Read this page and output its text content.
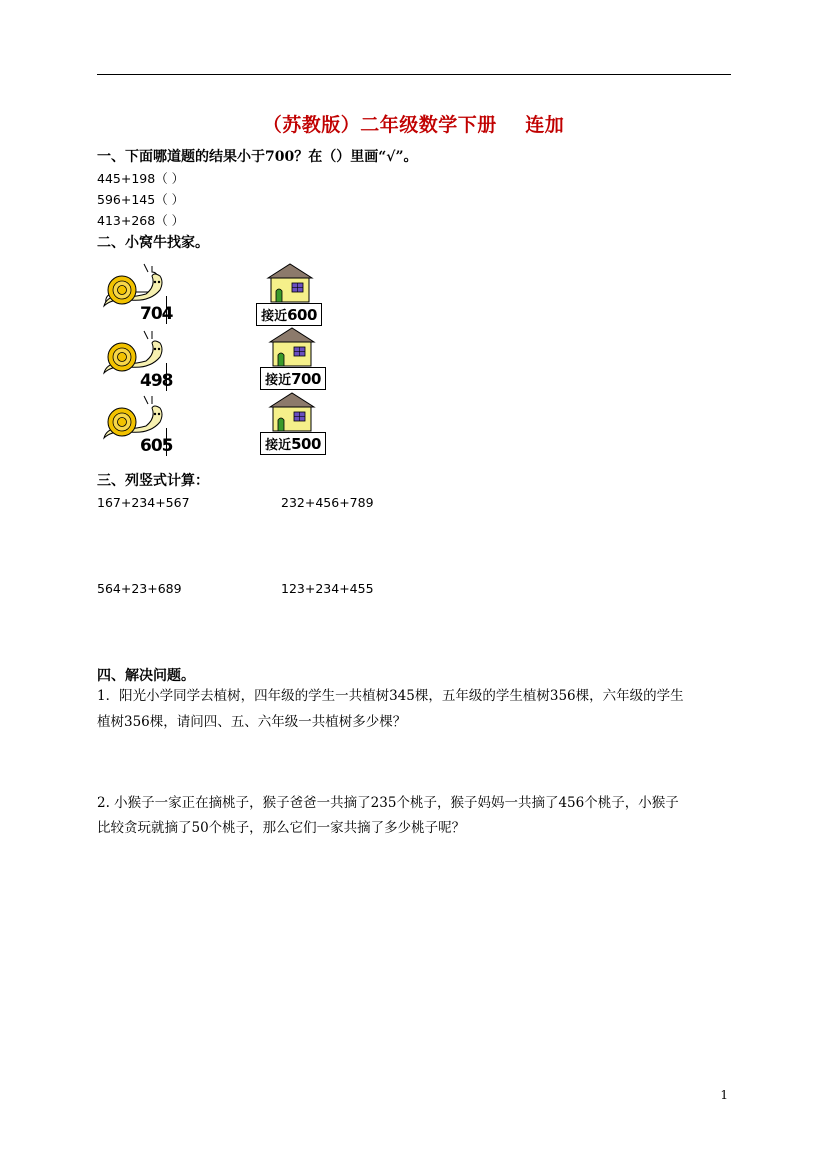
（苏教版）二年级数学下册    连加
一、下面哪道题的结果小于700？在（）里画“√”。
445+198（ ）
596+145（ ）
413+268（ ）
二、小窝牛找家。
704
498
605
接近 600
接近 700
接近 500
三、列竖式计算：
167+234+567	232+456+789
564+23+689	123+234+455
四、解决问题。
1．阳光小学同学去植树，四年级的学生一共植树345棵，五年级的学生植树356棵，六年级的学生
植树356棵，请问四、五、六年级一共植树多少棵？
2. 小猴子一家正在摘桃子，猴子爸爸一共摘了235个桃子，猴子妈妈一共摘了456个桃子，小猴子
比较贪玩就摘了50个桃子，那么它们一家共摘了多少桃子呢？
1
